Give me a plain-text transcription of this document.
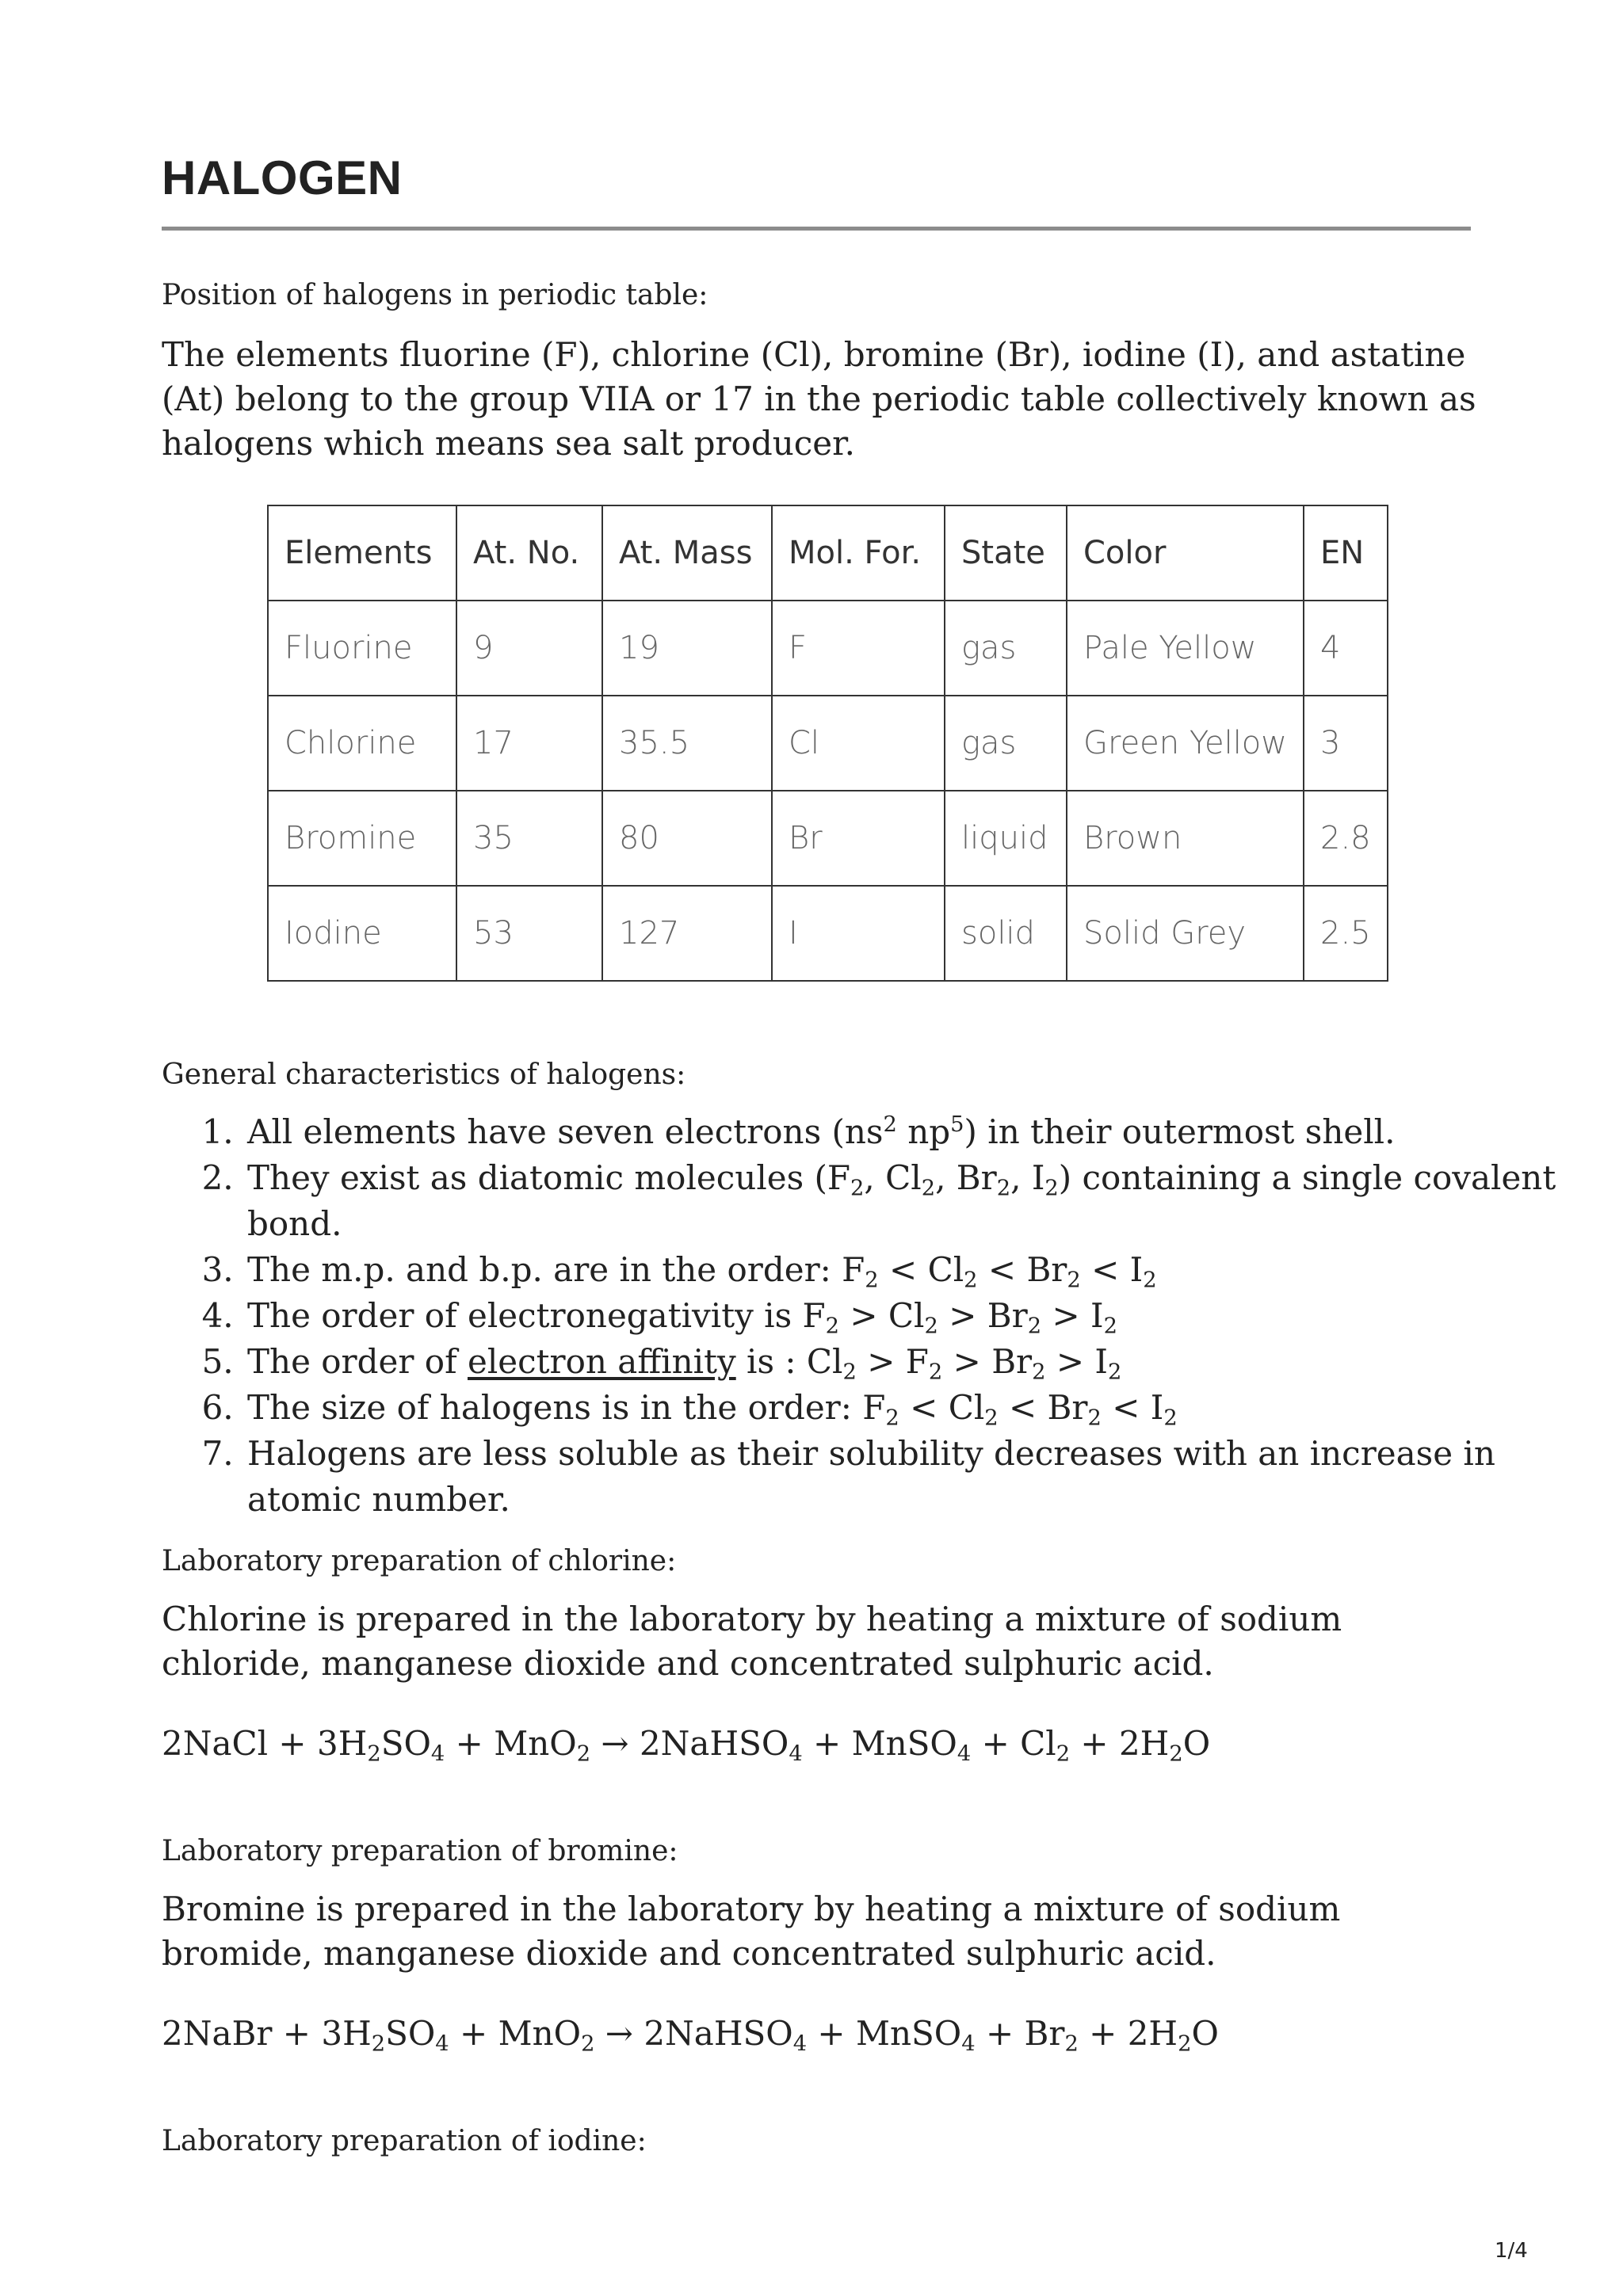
HALOGEN
Position of halogens in periodic table:
The elements fluorine (F), chlorine (Cl), bromine (Br), iodine (I), and astatine (At) belong to the group VIIA or 17 in the periodic table collectively known as halogens which means sea salt producer.
Elements	At. No.	At. Mass	Mol. For.	State	Color	EN
Fluorine	9	19	F	gas	Pale Yellow	4
Chlorine	17	35.5	Cl	gas	Green Yellow	3
Bromine	35	80	Br	liquid	Brown	2.8
Iodine	53	127	I	solid	Solid Grey	2.5
General characteristics of halogens:
1. All elements have seven electrons ($ns^2$ $np^5$) in their outermost shell.
2. They exist as diatomic molecules ($F_2$, $Cl_2$, $Br_2$, $I_2$) containing a single covalent bond.
3. The m.p. and b.p. are in the order: $F_2 < Cl_2 < Br_2 < I_2$
4. The order of electronegativity is $F_2 > Cl_2 > Br_2 > I_2$
5. The order of electron affinity is : $Cl_2 > F_2 > Br_2 > I_2$
6. The size of halogens is in the order: $F_2 < Cl_2 < Br_2 < I_2$
7. Halogens are less soluble as their solubility decreases with an increase in atomic number.
Laboratory preparation of chlorine:
Chlorine is prepared in the laboratory by heating a mixture of sodium chloride, manganese dioxide and concentrated sulphuric acid.
2NaCl + $3H_2SO_4 + MnO_2$ → 2NaHSO$_4$ + MnSO$_4$ + $Cl_2 + 2H_2O$
Laboratory preparation of bromine:
Bromine is prepared in the laboratory by heating a mixture of sodium bromide, manganese dioxide and concentrated sulphuric acid.
2NaBr + $3H_2SO_4 + MnO_2$ → 2NaHSO$_4$ + MnSO$_4$ + $Br_2 + 2H_2O$
Laboratory preparation of iodine:
1/4
